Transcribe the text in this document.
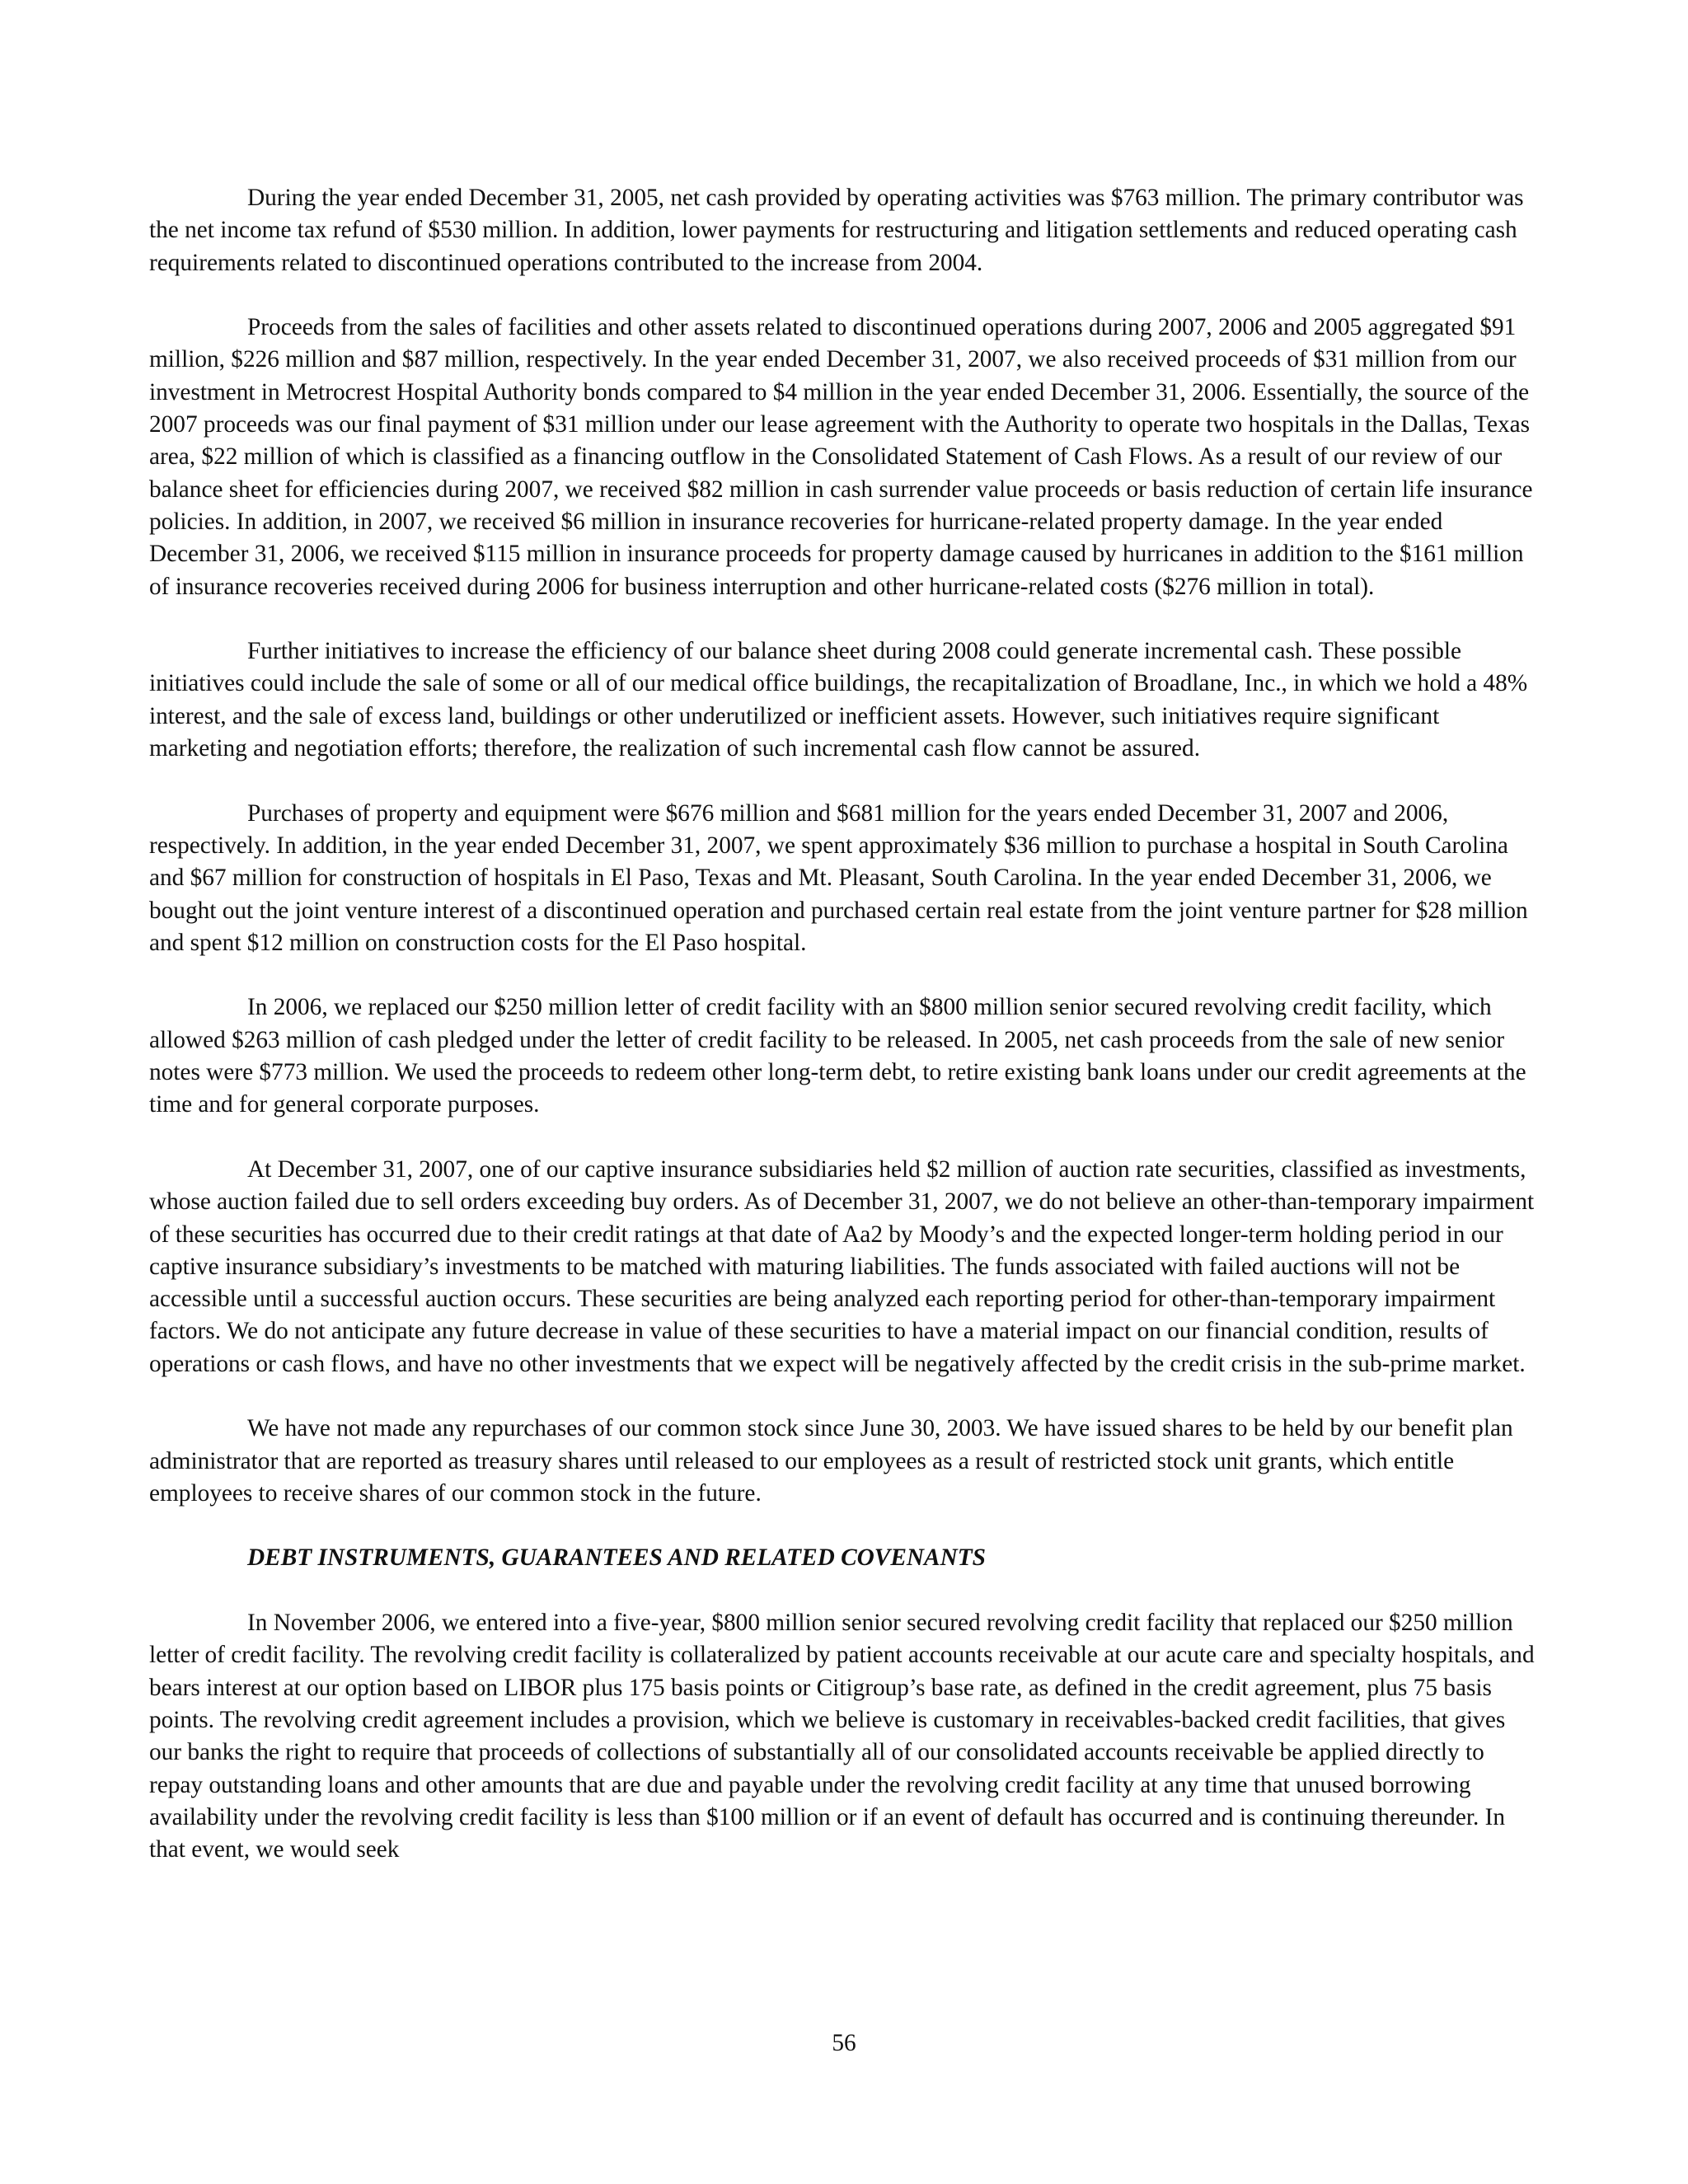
During the year ended December 31, 2005, net cash provided by operating activities was $763 million. The primary contributor was the net income tax refund of $530 million. In addition, lower payments for restructuring and litigation settlements and reduced operating cash requirements related to discontinued operations contributed to the increase from 2004.

Proceeds from the sales of facilities and other assets related to discontinued operations during 2007, 2006 and 2005 aggregated $91 million, $226 million and $87 million, respectively. In the year ended December 31, 2007, we also received proceeds of $31 million from our investment in Metrocrest Hospital Authority bonds compared to $4 million in the year ended December 31, 2006. Essentially, the source of the 2007 proceeds was our final payment of $31 million under our lease agreement with the Authority to operate two hospitals in the Dallas, Texas area, $22 million of which is classified as a financing outflow in the Consolidated Statement of Cash Flows. As a result of our review of our balance sheet for efficiencies during 2007, we received $82 million in cash surrender value proceeds or basis reduction of certain life insurance policies. In addition, in 2007, we received $6 million in insurance recoveries for hurricane-related property damage. In the year ended December 31, 2006, we received $115 million in insurance proceeds for property damage caused by hurricanes in addition to the $161 million of insurance recoveries received during 2006 for business interruption and other hurricane-related costs ($276 million in total).

Further initiatives to increase the efficiency of our balance sheet during 2008 could generate incremental cash. These possible initiatives could include the sale of some or all of our medical office buildings, the recapitalization of Broadlane, Inc., in which we hold a 48% interest, and the sale of excess land, buildings or other underutilized or inefficient assets. However, such initiatives require significant marketing and negotiation efforts; therefore, the realization of such incremental cash flow cannot be assured.

Purchases of property and equipment were $676 million and $681 million for the years ended December 31, 2007 and 2006, respectively. In addition, in the year ended December 31, 2007, we spent approximately $36 million to purchase a hospital in South Carolina and $67 million for construction of hospitals in El Paso, Texas and Mt. Pleasant, South Carolina. In the year ended December 31, 2006, we bought out the joint venture interest of a discontinued operation and purchased certain real estate from the joint venture partner for $28 million and spent $12 million on construction costs for the El Paso hospital.

In 2006, we replaced our $250 million letter of credit facility with an $800 million senior secured revolving credit facility, which allowed $263 million of cash pledged under the letter of credit facility to be released. In 2005, net cash proceeds from the sale of new senior notes were $773 million. We used the proceeds to redeem other long-term debt, to retire existing bank loans under our credit agreements at the time and for general corporate purposes.

At December 31, 2007, one of our captive insurance subsidiaries held $2 million of auction rate securities, classified as investments, whose auction failed due to sell orders exceeding buy orders. As of December 31, 2007, we do not believe an other-than-temporary impairment of these securities has occurred due to their credit ratings at that date of Aa2 by Moody’s and the expected longer-term holding period in our captive insurance subsidiary’s investments to be matched with maturing liabilities. The funds associated with failed auctions will not be accessible until a successful auction occurs. These securities are being analyzed each reporting period for other-than-temporary impairment factors. We do not anticipate any future decrease in value of these securities to have a material impact on our financial condition, results of operations or cash flows, and have no other investments that we expect will be negatively affected by the credit crisis in the sub-prime market.

We have not made any repurchases of our common stock since June 30, 2003. We have issued shares to be held by our benefit plan administrator that are reported as treasury shares until released to our employees as a result of restricted stock unit grants, which entitle employees to receive shares of our common stock in the future.

DEBT INSTRUMENTS, GUARANTEES AND RELATED COVENANTS

In November 2006, we entered into a five-year, $800 million senior secured revolving credit facility that replaced our $250 million letter of credit facility. The revolving credit facility is collateralized by patient accounts receivable at our acute care and specialty hospitals, and bears interest at our option based on LIBOR plus 175 basis points or Citigroup’s base rate, as defined in the credit agreement, plus 75 basis points. The revolving credit agreement includes a provision, which we believe is customary in receivables-backed credit facilities, that gives our banks the right to require that proceeds of collections of substantially all of our consolidated accounts receivable be applied directly to repay outstanding loans and other amounts that are due and payable under the revolving credit facility at any time that unused borrowing availability under the revolving credit facility is less than $100 million or if an event of default has occurred and is continuing thereunder. In that event, we would seek

56
